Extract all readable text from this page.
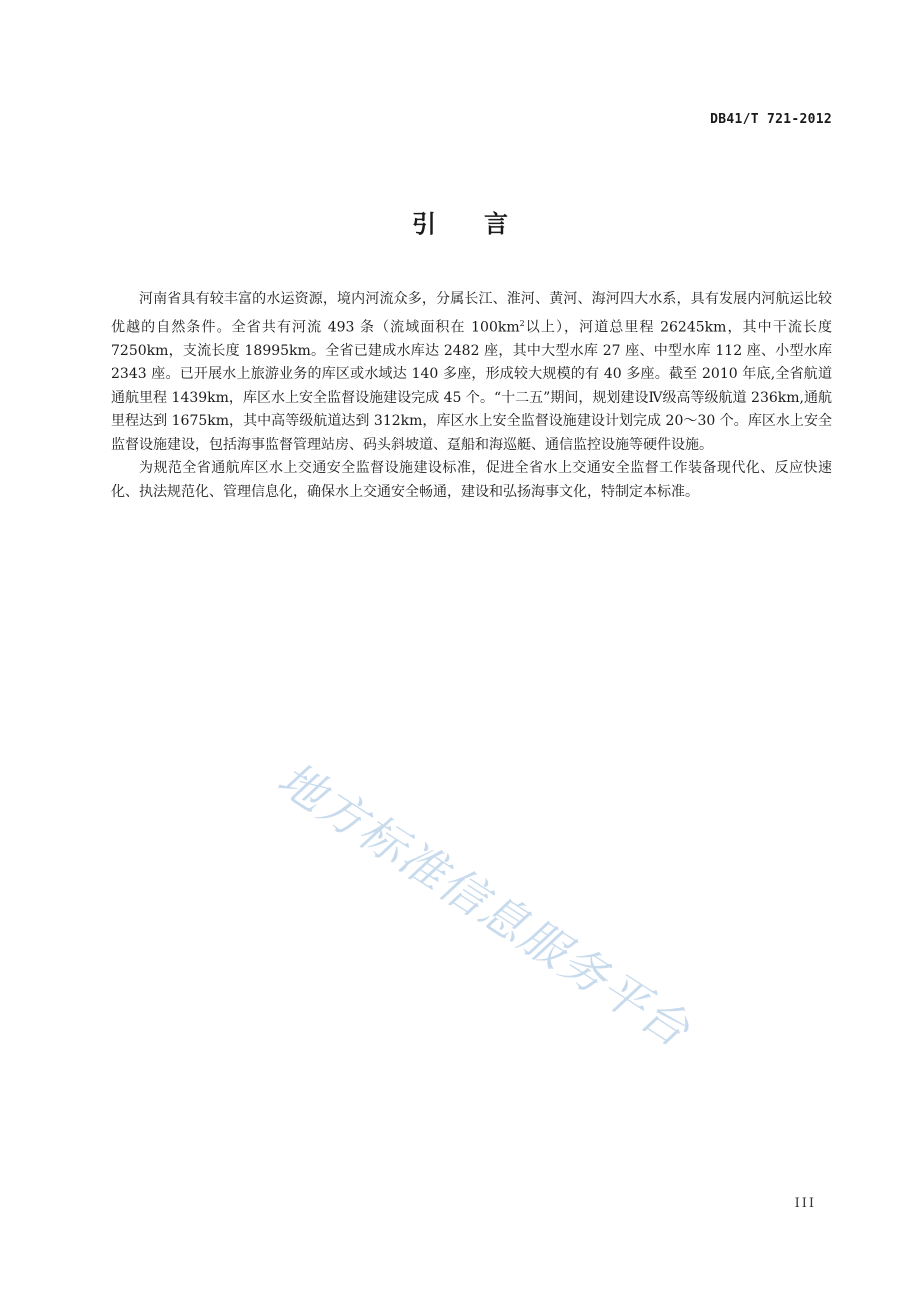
DB41/T 721-2012
引言

河南省具有较丰富的水运资源，境内河流众多，分属长江、淮河、黄河、海河四大水系，具有发展内河航运比较优越的自然条件。全省共有河流 493 条（流域面积在 $100km^2$以上），河道总里程 26245km，其中干流长度 7250km，支流长度 18995km。全省已建成水库达 2482 座，其中大型水库 27 座、中型水库 112 座、小型水库 2343 座。已开展水上旅游业务的库区或水域达 140 多座，形成较大规模的有 40 多座。截至 2010 年底,全省航道通航里程 1439km，库区水上安全监督设施建设完成 45 个。“十二五”期间，规划建设Ⅳ级高等级航道 236km,通航里程达到 1675km，其中高等级航道达到 312km，库区水上安全监督设施建设计划完成 20～30 个。库区水上安全监督设施建设，包括海事监督管理站房、码头斜坡道、趸船和海巡艇、通信监控设施等硬件设施。

为规范全省通航库区水上交通安全监督设施建设标准，促进全省水上交通安全监督工作装备现代化、反应快速化、执法规范化、管理信息化，确保水上交通安全畅通，建设和弘扬海事文化，特制定本标准。

地方标准信息服务平台
III
